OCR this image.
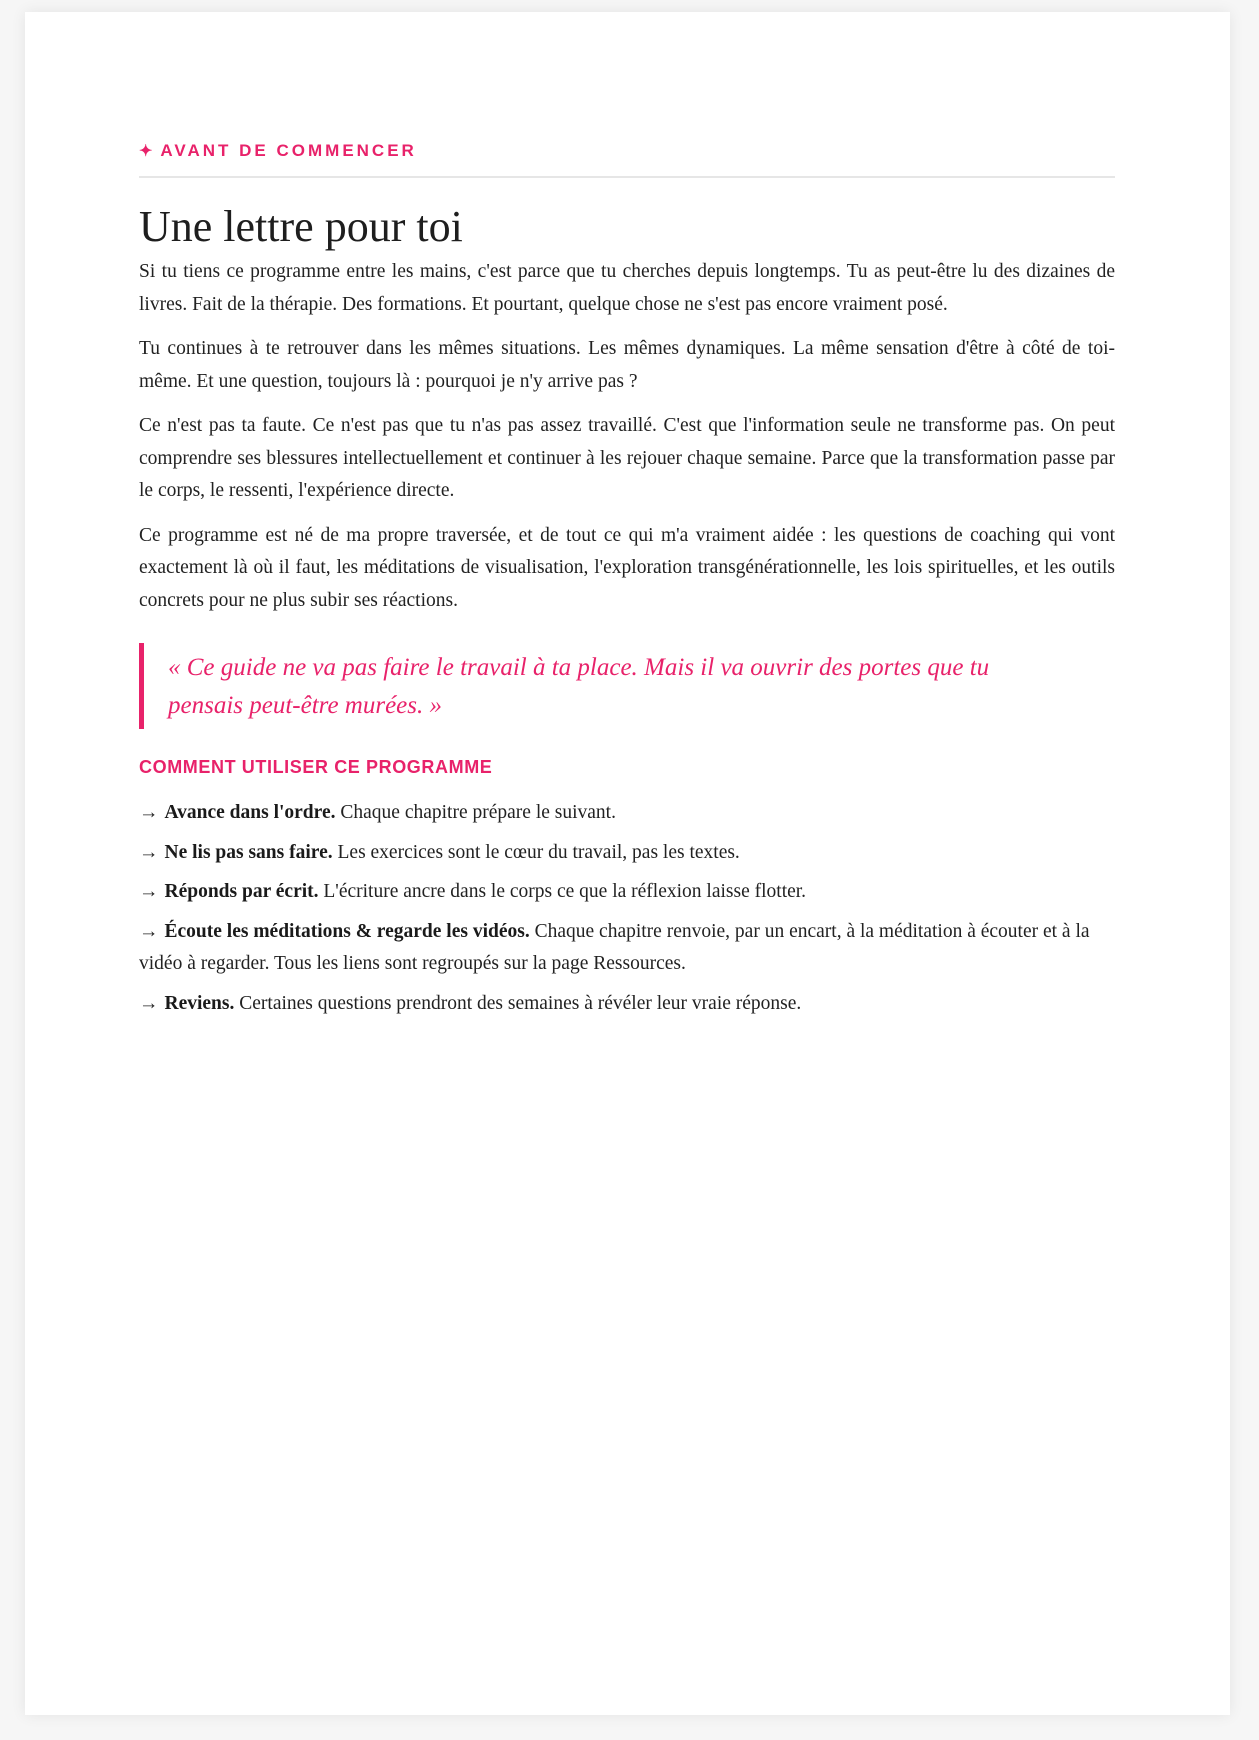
✦ AVANT DE COMMENCER
Une lettre pour toi

Si tu tiens ce programme entre les mains, c'est parce que tu cherches depuis longtemps. Tu as peut-être lu des dizaines de livres. Fait de la thérapie. Des formations. Et pourtant, quelque chose ne s'est pas encore vraiment posé.

Tu continues à te retrouver dans les mêmes situations. Les mêmes dynamiques. La même sensation d'être à côté de toi-même. Et une question, toujours là : pourquoi je n'y arrive pas ?

Ce n'est pas ta faute. Ce n'est pas que tu n'as pas assez travaillé. C'est que l'information seule ne transforme pas. On peut comprendre ses blessures intellectuellement et continuer à les rejouer chaque semaine. Parce que la transformation passe par le corps, le ressenti, l'expérience directe.

Ce programme est né de ma propre traversée, et de tout ce qui m'a vraiment aidée : les questions de coaching qui vont exactement là où il faut, les méditations de visualisation, l'exploration transgénérationnelle, les lois spirituelles, et les outils concrets pour ne plus subir ses réactions.

« Ce guide ne va pas faire le travail à ta place. Mais il va ouvrir des portes que tu pensais peut-être murées. »
COMMENT UTILISER CE PROGRAMME
→ Avance dans l'ordre. Chaque chapitre prépare le suivant.
→ Ne lis pas sans faire. Les exercices sont le cœur du travail, pas les textes.
→ Réponds par écrit. L'écriture ancre dans le corps ce que la réflexion laisse flotter.
→ Écoute les méditations & regarde les vidéos. Chaque chapitre renvoie, par un encart, à la méditation à écouter et à la vidéo à regarder. Tous les liens sont regroupés sur la page Ressources.
→ Reviens. Certaines questions prendront des semaines à révéler leur vraie réponse.
